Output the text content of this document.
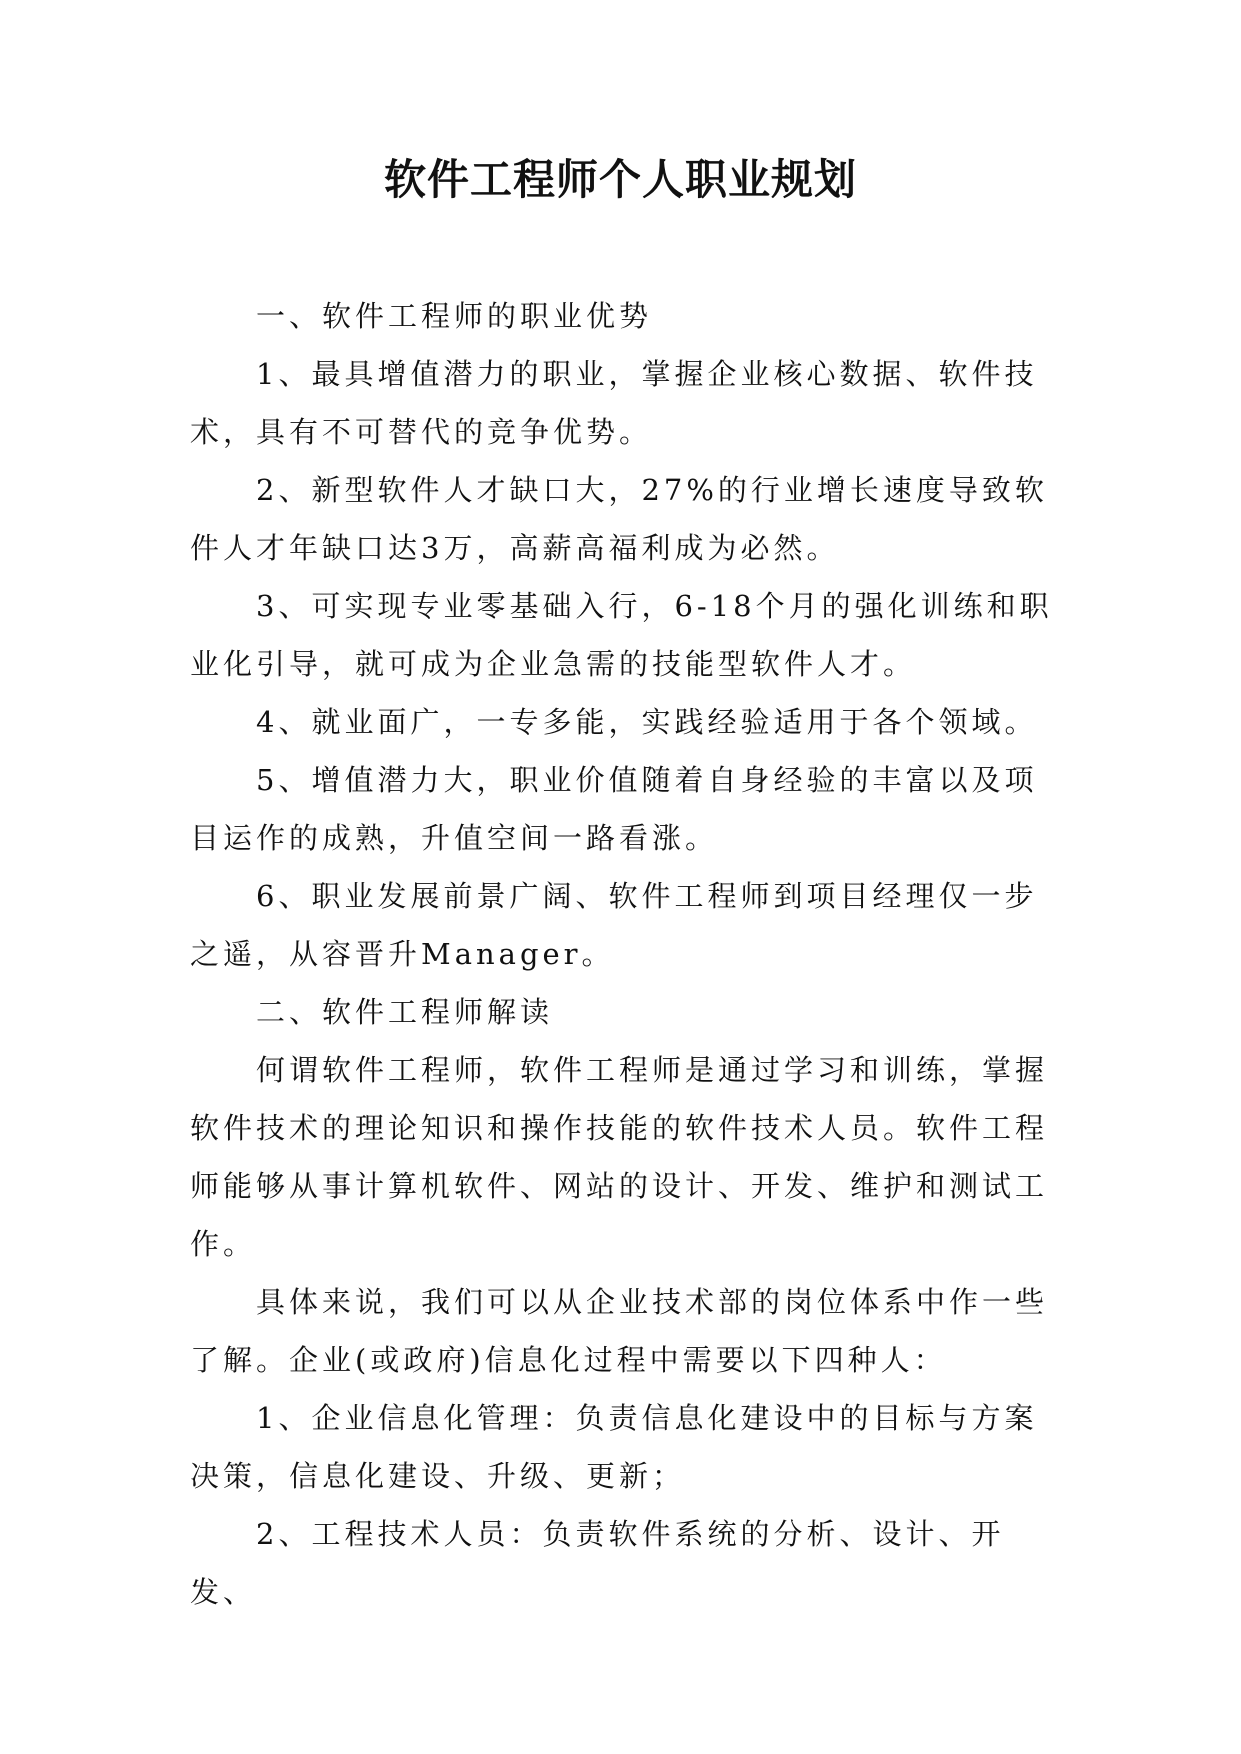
软件工程师个人职业规划

一、软件工程师的职业优势

1、最具增值潜力的职业，掌握企业核心数据、软件技术，具有不可替代的竞争优势。

2、新型软件人才缺口大，27%的行业增长速度导致软件人才年缺口达3万，高薪高福利成为必然。

3、可实现专业零基础入行，6-18个月的强化训练和职业化引导，就可成为企业急需的技能型软件人才。

4、就业面广，一专多能，实践经验适用于各个领域。

5、增值潜力大，职业价值随着自身经验的丰富以及项目运作的成熟，升值空间一路看涨。

6、职业发展前景广阔、软件工程师到项目经理仅一步之遥，从容晋升Manager。

二、软件工程师解读

何谓软件工程师，软件工程师是通过学习和训练，掌握软件技术的理论知识和操作技能的软件技术人员。软件工程师能够从事计算机软件、网站的设计、开发、维护和测试工作。

具体来说，我们可以从企业技术部的岗位体系中作一些了解。企业(或政府)信息化过程中需要以下四种人：

1、企业信息化管理：负责信息化建设中的目标与方案决策，信息化建设、升级、更新；

2、工程技术人员：负责软件系统的分析、设计、开发、
